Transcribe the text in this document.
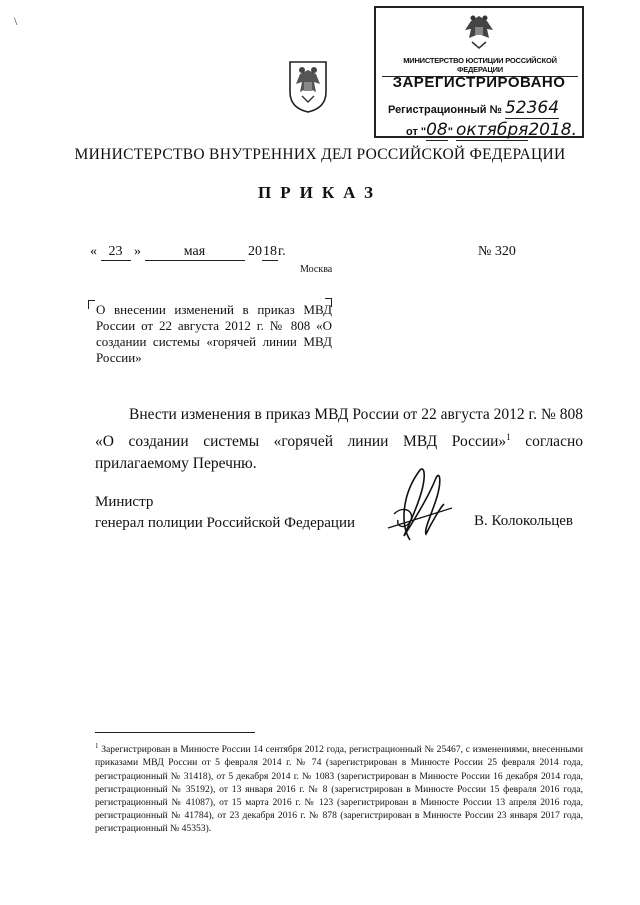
\
МИНИСТЕРСТВО ЮСТИЦИИ РОССИЙСКОЙ ФЕДЕРАЦИИ
ЗАРЕГИСТРИРОВАНО
Регистрационный № 52364
от "08" октября2018.
МИНИСТЕРСТВО ВНУТРЕННИХ ДЕЛ РОССИЙСКОЙ ФЕДЕРАЦИИ
ПРИКАЗ
« 23 »	мая	2018г.	№ 320
Москва
О внесении изменений в приказ МВД России от 22 августа 2012 г. № 808 «О создании системы «горячей линии МВД России»
Внести изменения в приказ МВД России от 22 августа 2012 г. № 808 «О создании системы «горячей линии МВД России»$^1$ согласно прилагаемому Перечню.
Министр
генерал полиции Российской Федерации	В. Колокольцев
$^1$ Зарегистрирован в Минюсте России 14 сентября 2012 года, регистрационный № 25467, с изменениями, внесенными приказами МВД России от 5 февраля 2014 г. № 74 (зарегистрирован в Минюсте России 25 февраля 2014 года, регистрационный № 31418), от 5 декабря 2014 г. № 1083 (зарегистрирован в Минюсте России 16 декабря 2014 года, регистрационный № 35192), от 13 января 2016 г. № 8 (зарегистрирован в Минюсте России 15 февраля 2016 года, регистрационный № 41087), от 15 марта 2016 г. № 123 (зарегистрирован в Минюсте России 13 апреля 2016 года, регистрационный № 41784), от 23 декабря 2016 г. № 878 (зарегистрирован в Минюсте России 23 января 2017 года, регистрационный № 45353).
